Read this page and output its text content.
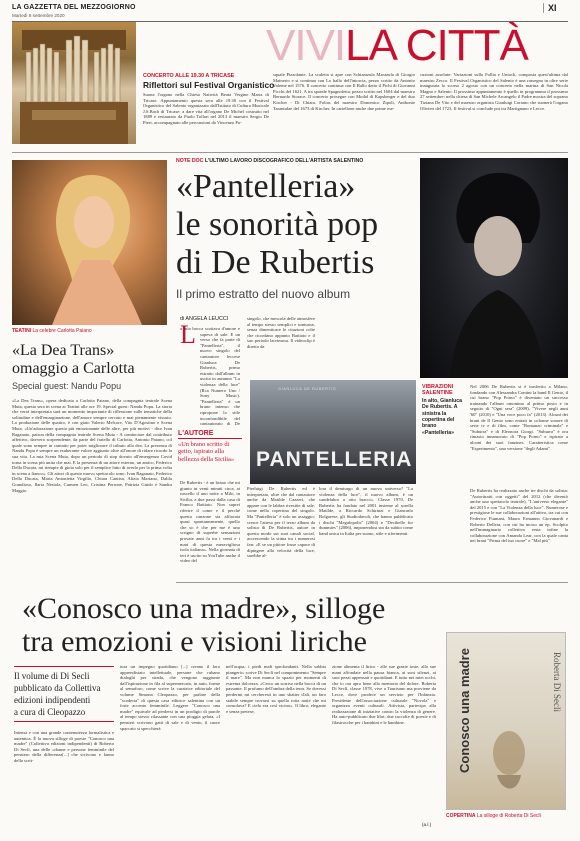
LA GAZZETTA DEL MEZZOGIORNO
Martedì 8 settembre 2020
XI
VIVILA CITTÀ
CONCERTO ALLE 19.30 A TRICASE
Riflettori sul Festival Organistico
Suona l'organo nella Chiesa Natività Beata Vergine Maria di Tricase. Appuntamento questa sera alle 19.30 con il Festival Organistico del Salento organizzato dall'Istituto di Cultura Musicale J.S.Bach di Tricase: a dare vita all'organo De Michel costruito nel 1889 e restaurato da Paolo Tollari nel 2013 il maestro Sergio De Pieri, accompagnato alle percussioni da Vincenzo Pa-
squale Pizzolante. La scaletta si apre con Schiarazula Marazula di Giorgio Mainerio e si continua con Lo ballo dell'intorcia, pezzo scritto da Antonio Valente nel 1576. Il concerto continua con Il Ballo detto il Pichi di Giovanni Picchi del 1621. A tra sponde Spagnoletta, pezzo scritto nel 1604 dal maestro Bernardo Storace. Il concerto prosegue con Modal di Kapsberger e del duo Kircher - Di Chiara. Folias del maestro Domenico Zipoli, Anthonie Tarantulae del 1673 di Kircher. In cartellone anche due prime ese-
cuzioni assolute: Variazioni sulla Follia e Untock, composta quest'ultima dal maestro Zecco. Il Festival Organistico del Salento è una rassegna in oltre serie inaugurata lo scorso 2 agosto con un concerto nella marina di San Nicola Magno e Salento. Il prossimo appuntamento è quello in programma il prossimo 27 settembre: nella chiesa di San Michele Arcangelo il Padre mostra del soprano Tiziana De Vito e del maestro organista Gianluigi Coriano che suonerà l'organo Olivieri del 1723. Il festival si conclude poi tra Martignano e Lecce.
TEATINI La celebre Carlotta Paiano
«La Dea Trans»
omaggio a Carlotta
Special guest: Nandu Popu
«La Dea Trans», opera dedicata a Carlotta Paiano, della compagnia teatrale Scena Muta, questa sera in scena ai Teatini alle ore 19. Special guest: Nandu Popu. La storia che verrà interpretata sarà un momento importante di riflessione sulle tematiche della solitudine e dell'emarginazione, dell'amore sempre cercato e mai pienamente vissuto. La produzione delle quattro, è con giato Valerio Melcore, Vito D'Agostino e Scena Muta. «Un'adorazione questa più emozionante delle altre, per più motivi - dice Ivan Raganato, patron della compagnia teatrale Scena Muta - A cominciare dal contributo affettivo, davvero sorprendente, da parte del fratello di Carlotta, Antonio Paiano, col quale sono sempre in contatto per poter migliorare il tributo alla dea. La presenza di Nandu Popu è sempre un esuberante valore aggiunto oltre all'onore di ridare ricordo la sua vita. La mia Scena Muta, dopo un periodo di stop dovuto all'emergenza Covid torna in scena più unita che mai. E la presenza di un attore esterno, un amico, Federico Della Ducata, mi riempie di gioia solo per il semplice fatto di averlo per la prima volta in scena a fianco». Gli attori di questo nuovo spettacolo sono: Ivan Raganato, Federico Della Ducata, Maria Antonietta Virgilio, Chiara Cantisa, Alizia Mariano, Dalila Grandioso, Ilaria Nestola, Carmen Leo, Cristina Perrone, Patrizia Guido e Sandra Maggio.
NOTE DOC L'ULTIMO LAVORO DISCOGRAFICO DELL'ARTISTA SALENTINO
«Pantelleria»
le sonorità pop
di De Rubertis
Il primo estratto del nuovo album
di ANGELA LEUCCI
L
a mia bocca scottava d'amore e sapeva di sale. E un verso che fa parte di "Pantelleria", il nuovo singolo del cantautore leccese Gianluca De Rubertis, primo estratto dall'album in uscita in autunno "La violenza della luce" (Rca Numero Uno / Sony Music). "Pantelleria" è un brano intenso che ripropone lo stile inconfondibile del cantautorato di De
L'AUTORE
«Un brano scritto di getto, ispirato alla bellezza della Sicilia»
De Rubertis - è un brano che mi giunto in venti minuti circa, ai ruscello il uno notte a Milo, in Sicilia, a due passi dalla casa di Franco Battiato. Non saprei riferire il come e il perché questa canzone sia affiorata quasi spontaneamente, quello che so è che per me è uno scrigno di superbe sensazioni provate anni fa tra i venti e i mari di questa meravigliosa isola italiana». Nella giornata di ieri è uscito su YouTube anche il video del
singolo, che mescola delle atmosfere al tempo stesso semplici e sontuose, senza dimenticare le citazioni colte che ricordano appunto Battiato e il suo periodo lacrimosa. Il videoclip è diretto da
Pierluigi De Rubertis ed è interpretato, oltre che dal cantautore anche da Matilde Cazzeri, che appare con le labbra rivestite di sale, come nella copertina del singolo. Ma "Pantelleria" è solo un assaggio: cresce l'attesa per il terzo album da solista di De Rubertis, autore in questo modo sui suoi canali social, accrescendo la stima tra i numerosi fan: «E se un pittore fosse capace di dipingere alla velocità della luce, sarebbe al-
lora il demiurgo di un nuovo universo? "La violenza della luce", il nuovo album, è un candelabro a otto bracci». Classe 1970, De Rubertis ha fondato nel 2001 insieme al sorella Matilde, a Riccardo Schirinzi e Giancarlo Bolgarese, gli Studiodavoli, che hanno pubblicato i dischi "Megalopolis" (2004) e "Decibelle for dummies" (2006), imponendosi sin da subito come band unica in Italia per suono, stile e riferimenti.
GIANLUCA DE RUBERTIS
PANTELLERIA
VIBRAZIONI SALENTINE
In alto, Gianluca De Rubertis. A sinistra la copertina del brano «Pantelleria»
Nel 2006 De Rubertis si è trasferito a Milano, fondando con Alessandra Contini la band Il Genio, il cui brano "Pop Porno" è diventato un successo trainando l'album omonimo al primo posto e in seguito di "Ogni sera" (2009), "Vivere negli anni '60" (2010) e "Una voce poco fa" (2013). Alcuni dei brani de Il Genio sono entrati in colonne sonore di serie tv e di film, come "Romanzo criminale" e "Suburra" e di Eleonora Giorgi. "Suburra" è ora rimasto innamorato di "Pop Porno" e ispirato a alcuni dei suoi fanzines. Caratteristica come "Esperimento", una versione "degli Adami".
De Rubertis ha realizzato anche tre dischi da solista: "Autoritratti con oggetti" del 2012 (che diventò anche uno spettacolo teatrale), "L'universo elegante" del 2015 e con "La Violenza della luce". Numerose e prestigiose le sue collaborazioni all'attivo, tra cui con Federico Fiumani, Mauro Ermanno Giovanardi e Roberto Dellera, con cui ha inciso un ep. Scolpito nell'immaginario collettivo resta infine la collaborazione con Amanda Lear, con la quale canta nei brani "Prima del tuo cuore" e "Mal più".
«Conosco una madre», silloge
tra emozioni e visioni liriche
Il volume di Di Secli
pubblicato da Collettiva
edizioni indipendenti
a cura di Cleopazzo
Intensa e con una grande contenutezza formalistica e autentica. È la nuova silloge di poesie "Conosco una madre" (Collettiva edizioni indipendenti) di Roberto Di Seclì, una delle «donne e persone femminile del pensiero della differenza[...] che scrivono e fanno della scrit-
tura un impegno quotidiano [...] creano il loro apprendistato intellettuale, persone che rubano dialoghi per strada, che vengono raggiunte dall'ispirazione in fila al supermercato, in auto, forme al semaforo, come scrive la curatrice editoriale del volume Simona Cleopazzo, per parlare della "scoderia" di questa casa editrice salentina con un forte accento femminile. Leggere "Conosco una madre" equivale ad perdersi in un prodigio di parole al tempo stesso rilassante con una pioggia gelata, «I pensieri scrivono gatti di sale e di vento, il cuore spaccato si specchierà
nell'acqua, i piedi nudi sprofondanti. Nella sabbia piangerò» scrive Di Seclì nel componimento "Sempre il mare". Ma non manca lo spazio per momenti di estrema dolcezza. «Cerco un sorriso nella bocca di un passante. Il profumo dell'ombra della terra. Se dovessi perdermi mi cercheresti in uno sbatter d'ali, un faro stabile sempre trovarsi su quella rotta notte che mi consolava? E cielo era così vicino». Il libro, elegante e senza pretese,
zione alimenta il lirico - alle sue grazie toste, allo sue mani affondate nella pausa bianca, ai suoi silenzi, ai suoi pezzi appensati e quotidiani. E tutto nei miei occhi, che io ora apro bene alla memoria del dolore. Roberta Di Seclì, classe 1978, vive a Taurisano ma proviene da Lecce, dove prodece un servizio per l'Infanzia. Presidente dell'associazione culturale "Novola" e organizza eventi culturali. Attivista, partecipa alla realizzazione di iniziative contro la violenza di genere. Ha auto-pubblicato due libri, due raccolte di poesie e di filastrocche per i bambini e le bambine.
(a.l.)
Roberta Di Seclì
Conosco una madre
COPERTINA La silloge di Roberta Di Seclì
